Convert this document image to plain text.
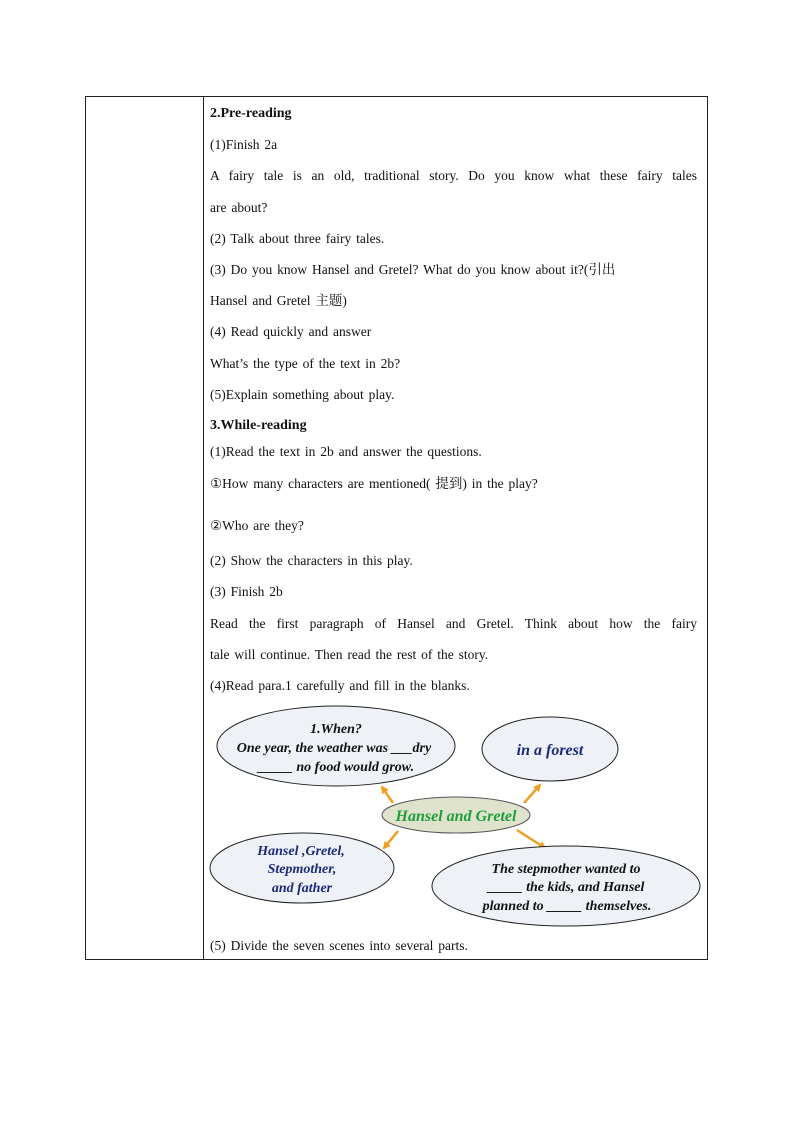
2.Pre-reading
(1)Finish 2a
A fairy tale is an old, traditional story. Do you know what these fairy tales
are about?
(2) Talk about three fairy tales.
(3) Do you know Hansel and Gretel? What do you know about it?(引出
Hansel and Gretel 主题)
(4) Read quickly and answer
What’s the type of the text in 2b?
(5)Explain something about play.
3.While-reading
(1)Read the text in 2b and answer the questions.
①How many characters are mentioned( 提到) in the play?
②Who are they?
(2) Show the characters in this play.
(3) Finish 2b
Read the first paragraph of Hansel and Gretel. Think about how the fairy
tale will continue. Then read the rest of the story.
(4)Read para.1 carefully and fill in the blanks.
(5) Divide the seven scenes into several parts.
1.When?
One year, the weather was ___dry
_____ no food would grow.
in a forest
Hansel and Gretel
Hansel ,Gretel,
Stepmother,
and father
The stepmother wanted to
_____ the kids, and Hansel
planned to _____ themselves.
